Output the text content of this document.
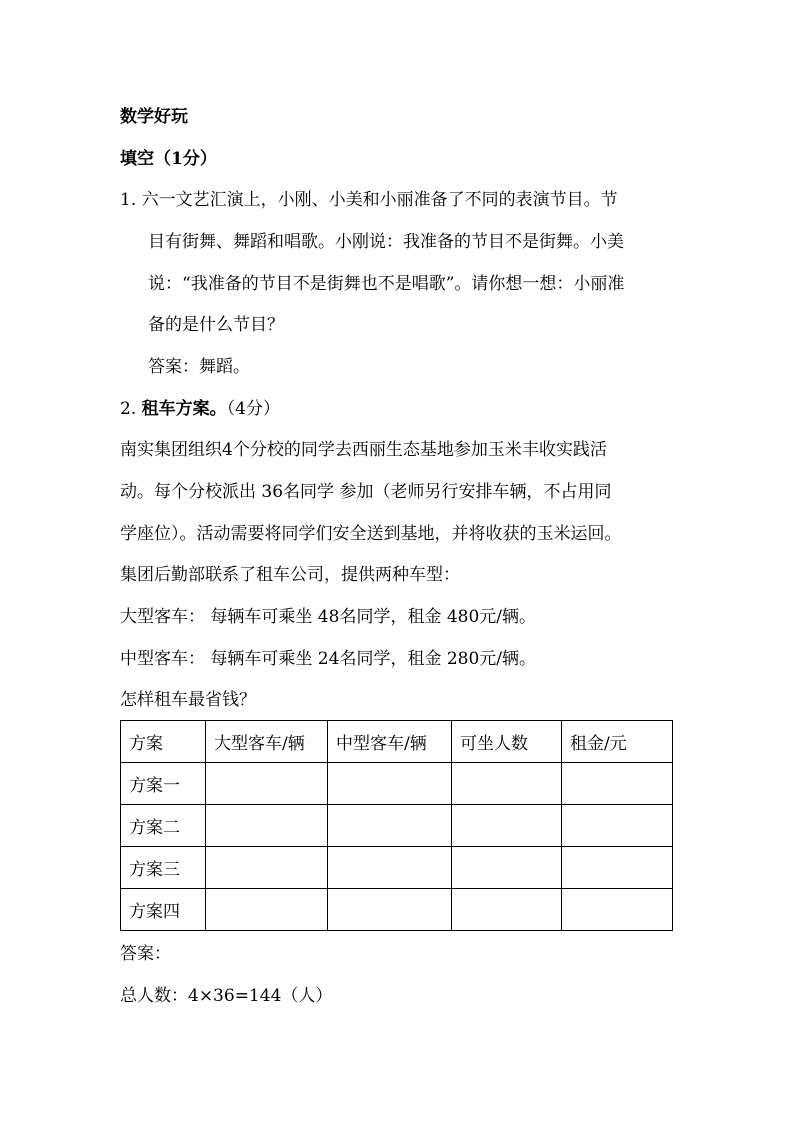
数学好玩
填空（1分）
1. 六一文艺汇演上，小刚、小美和小丽准备了不同的表演节目。节
目有街舞、舞蹈和唱歌。小刚说：我准备的节目不是街舞。小美
说：“我准备的节目不是街舞也不是唱歌”。请你想一想：小丽准
备的是什么节目？
答案：舞蹈。
2. 租车方案。（4分）
南实集团组织4个分校的同学去西丽生态基地参加玉米丰收实践活
动。每个分校派出 36名同学 参加（老师另行安排车辆，不占用同
学座位）。活动需要将同学们安全送到基地，并将收获的玉米运回。
集团后勤部联系了租车公司，提供两种车型：
大型客车： 每辆车可乘坐 48名同学，租金 480元/辆。
中型客车： 每辆车可乘坐 24名同学，租金 280元/辆。
怎样租车最省钱？
方案	大型客车/辆	中型客车/辆	可坐人数	租金/元
方案一				
方案二				
方案三				
方案四				
答案：
总人数：4×36=144（人）
